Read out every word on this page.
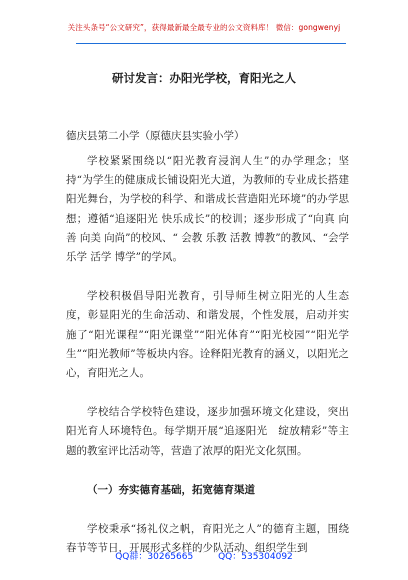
关注头条号“公文研究”，获得最新最全最专业的公文资料库！ 微信：gongwenyj
研讨发言：办阳光学校，育阳光之人
德庆县第二小学（原德庆县实验小学）

学校紧紧围绕以“阳光教育浸润人生”的办学理念；坚持“为学生的健康成长铺设阳光大道，为教师的专业成长搭建阳光舞台，为学校的科学、和谐成长营造阳光环境”的办学思想；遵循“追逐阳光 快乐成长”的校训；逐步形成了“向真 向善 向美 向尚”的校风、“ 会教 乐教 活教 博教”的教风、“会学 乐学 活学 博学”的学风。

学校积极倡导阳光教育，引导师生树立阳光的人生态度，彰显阳光的生命活动、和谐发展，个性发展，启动并实施了“阳光课程”“阳光课堂”“阳光体育”“阳光校园”“阳光学生”“阳光教师”等板块内容。诠释阳光教育的涵义，以阳光之心，育阳光之人。

学校结合学校特色建设，逐步加强环境文化建设，突出阳光育人环境特色。每学期开展“追逐阳光　绽放精彩”等主题的教室评比活动等，营造了浓厚的阳光文化氛围。

（一）夯实德育基础，拓宽德育渠道

学校秉承“扬礼仪之帆，育阳光之人”的德育主题，围绕春节等节日，开展形式多样的少队活动、组织学生到

QQ群：30265665	QQ：535304092
